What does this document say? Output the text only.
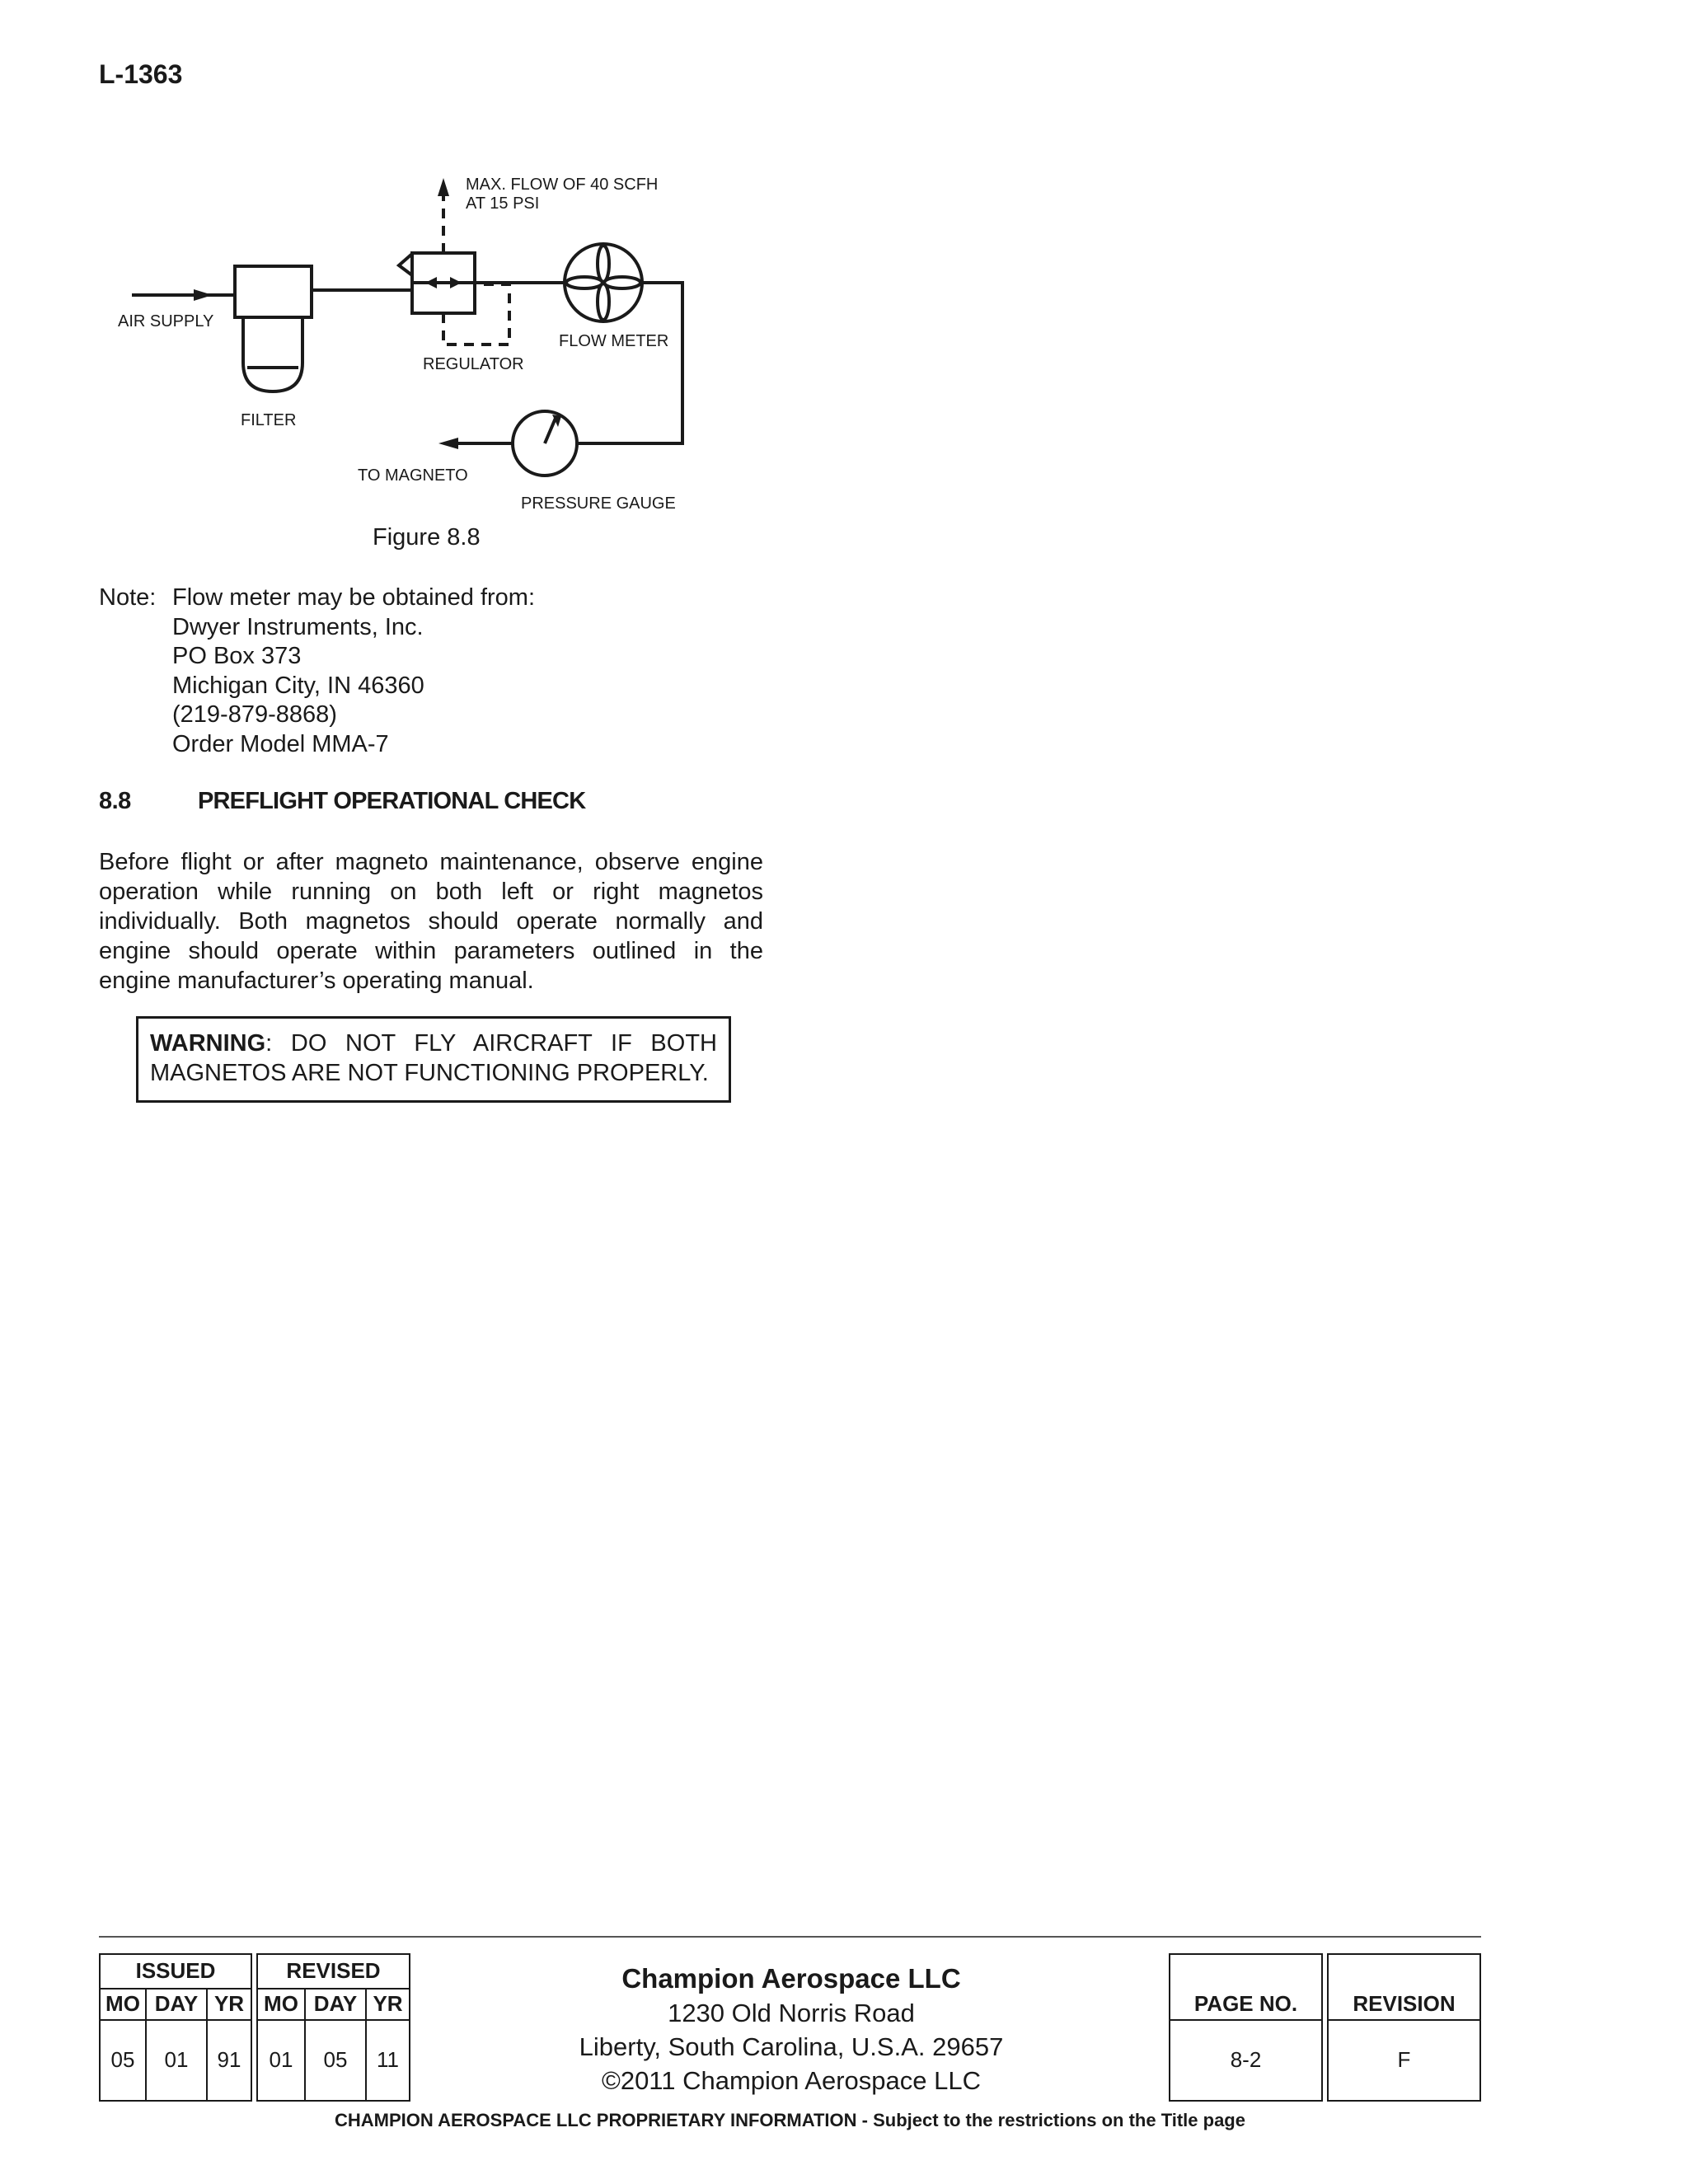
L-1363
MAX. FLOW OF 40 SCFH
AT 15 PSI
AIR SUPPLY
FILTER
REGULATOR
FLOW METER
TO MAGNETO
PRESSURE GAUGE
Figure 8.8
Note: Flow meter may be obtained from:
Dwyer Instruments, Inc.
PO Box 373
Michigan City, IN 46360
(219-879-8868)
Order Model MMA-7
8.8	PREFLIGHT OPERATIONAL CHECK
Before flight or after magneto maintenance, observe engine operation while running on both left or right magnetos individually. Both magnetos should operate normally and engine should operate within parameters outlined in the engine manufacturer’s operating manual.
WARNING: DO NOT FLY AIRCRAFT IF BOTH
MAGNETOS ARE NOT FUNCTIONING PROPERLY.
ISSUED
MO DAY YR
05	01	91
REVISED
MO DAY YR
01	05	11
Champion Aerospace LLC
1230 Old Norris Road
Liberty, South Carolina, U.S.A. 29657
©2011 Champion Aerospace LLC
PAGE NO.
8-2
REVISION
F
CHAMPION AEROSPACE LLC PROPRIETARY INFORMATION - Subject to the restrictions on the Title page
